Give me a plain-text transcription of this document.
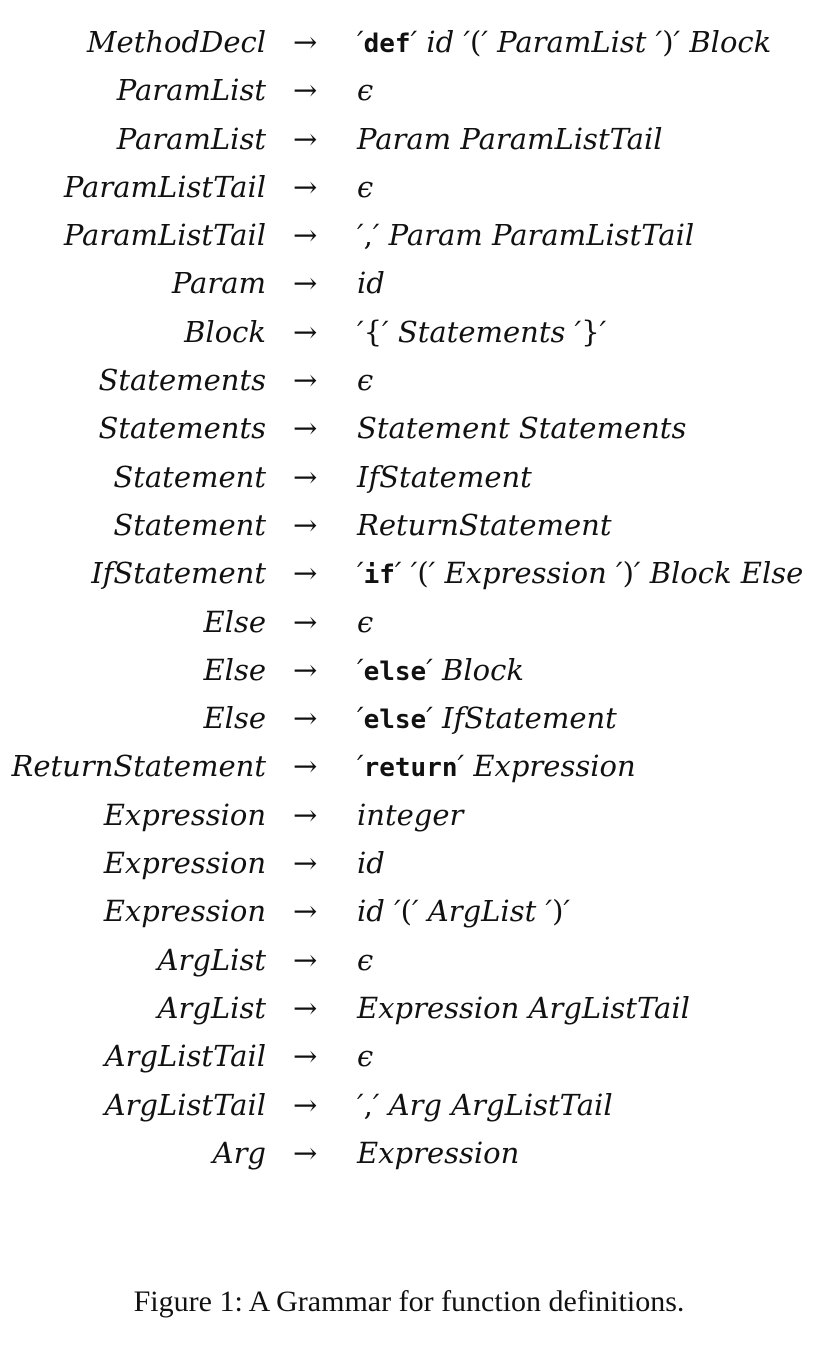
MethodDecl → ′def′ id ′(′ ParamList ′)′ Block
ParamList → ϵ
ParamList → Param ParamListTail
ParamListTail → ϵ
ParamListTail → ′,′ Param ParamListTail
Param → id
Block → ′{′ Statements ′}′
Statements → ϵ
Statements → Statement Statements
Statement → IfStatement
Statement → ReturnStatement
IfStatement → ′if′ ′(′ Expression ′)′ Block Else
Else → ϵ
Else → ′else′ Block
Else → ′else′ IfStatement
ReturnStatement → ′return′ Expression
Expression → integer
Expression → id
Expression → id ′(′ ArgList ′)′
ArgList → ϵ
ArgList → Expression ArgListTail
ArgListTail → ϵ
ArgListTail → ′,′ Arg ArgListTail
Arg → Expression
Figure 1: A Grammar for function definitions.
